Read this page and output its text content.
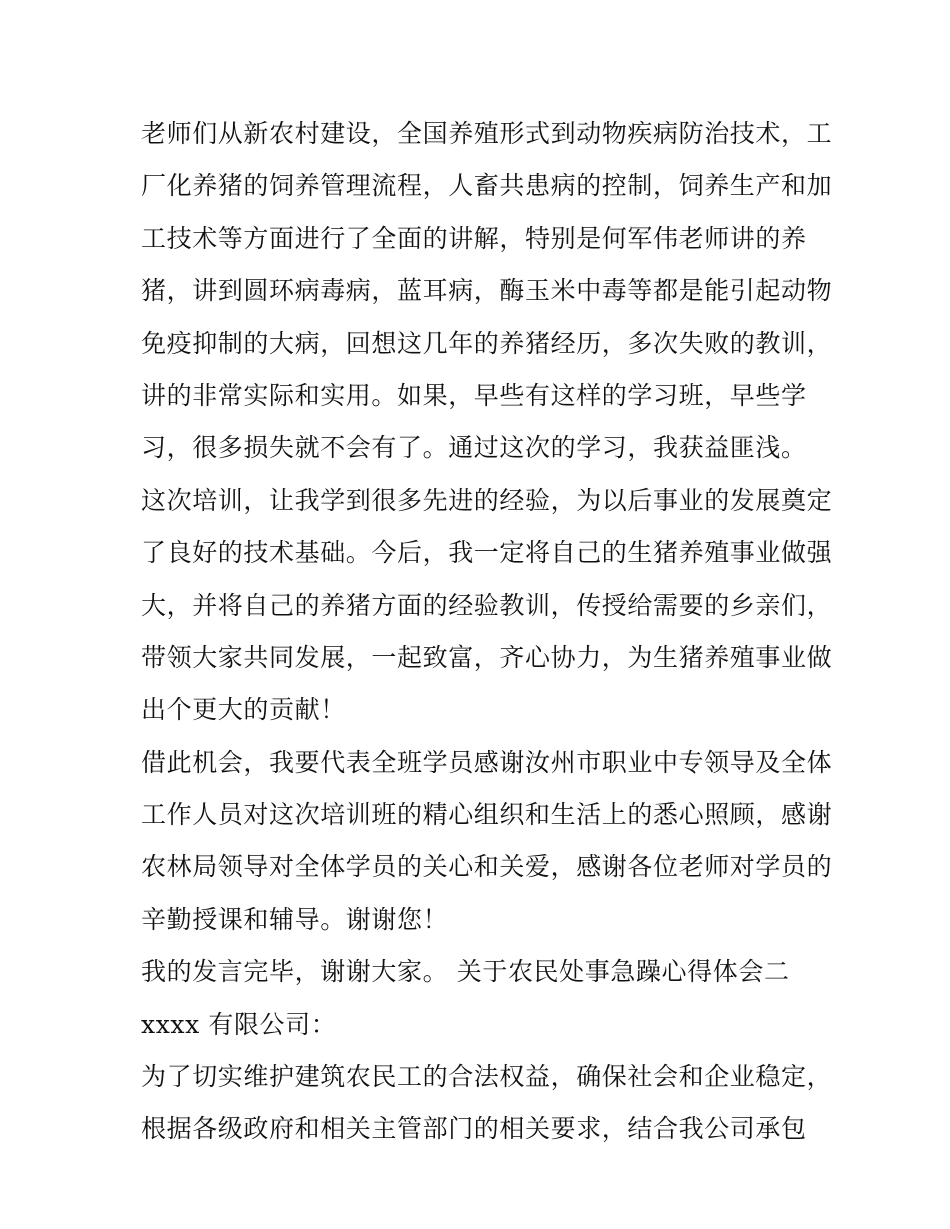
老师们从新农村建设，全国养殖形式到动物疾病防治技术，工
厂化养猪的饲养管理流程，人畜共患病的控制，饲养生产和加
工技术等方面进行了全面的讲解，特别是何军伟老师讲的养
猪，讲到圆环病毒病，蓝耳病，酶玉米中毒等都是能引起动物
免疫抑制的大病，回想这几年的养猪经历，多次失败的教训，
讲的非常实际和实用。如果，早些有这样的学习班，早些学
习，很多损失就不会有了。通过这次的学习，我获益匪浅。
这次培训，让我学到很多先进的经验，为以后事业的发展奠定
了良好的技术基础。今后，我一定将自己的生猪养殖事业做强
大，并将自己的养猪方面的经验教训，传授给需要的乡亲们，
带领大家共同发展，一起致富，齐心协力，为生猪养殖事业做
出个更大的贡献！
借此机会，我要代表全班学员感谢汝州市职业中专领导及全体
工作人员对这次培训班的精心组织和生活上的悉心照顾，感谢
农林局领导对全体学员的关心和关爱，感谢各位老师对学员的
辛勤授课和辅导。谢谢您！
我的发言完毕，谢谢大家。 关于农民处事急躁心得体会二
xxxx 有限公司：
为了切实维护建筑农民工的合法权益，确保社会和企业稳定，
根据各级政府和相关主管部门的相关要求，结合我公司承包
